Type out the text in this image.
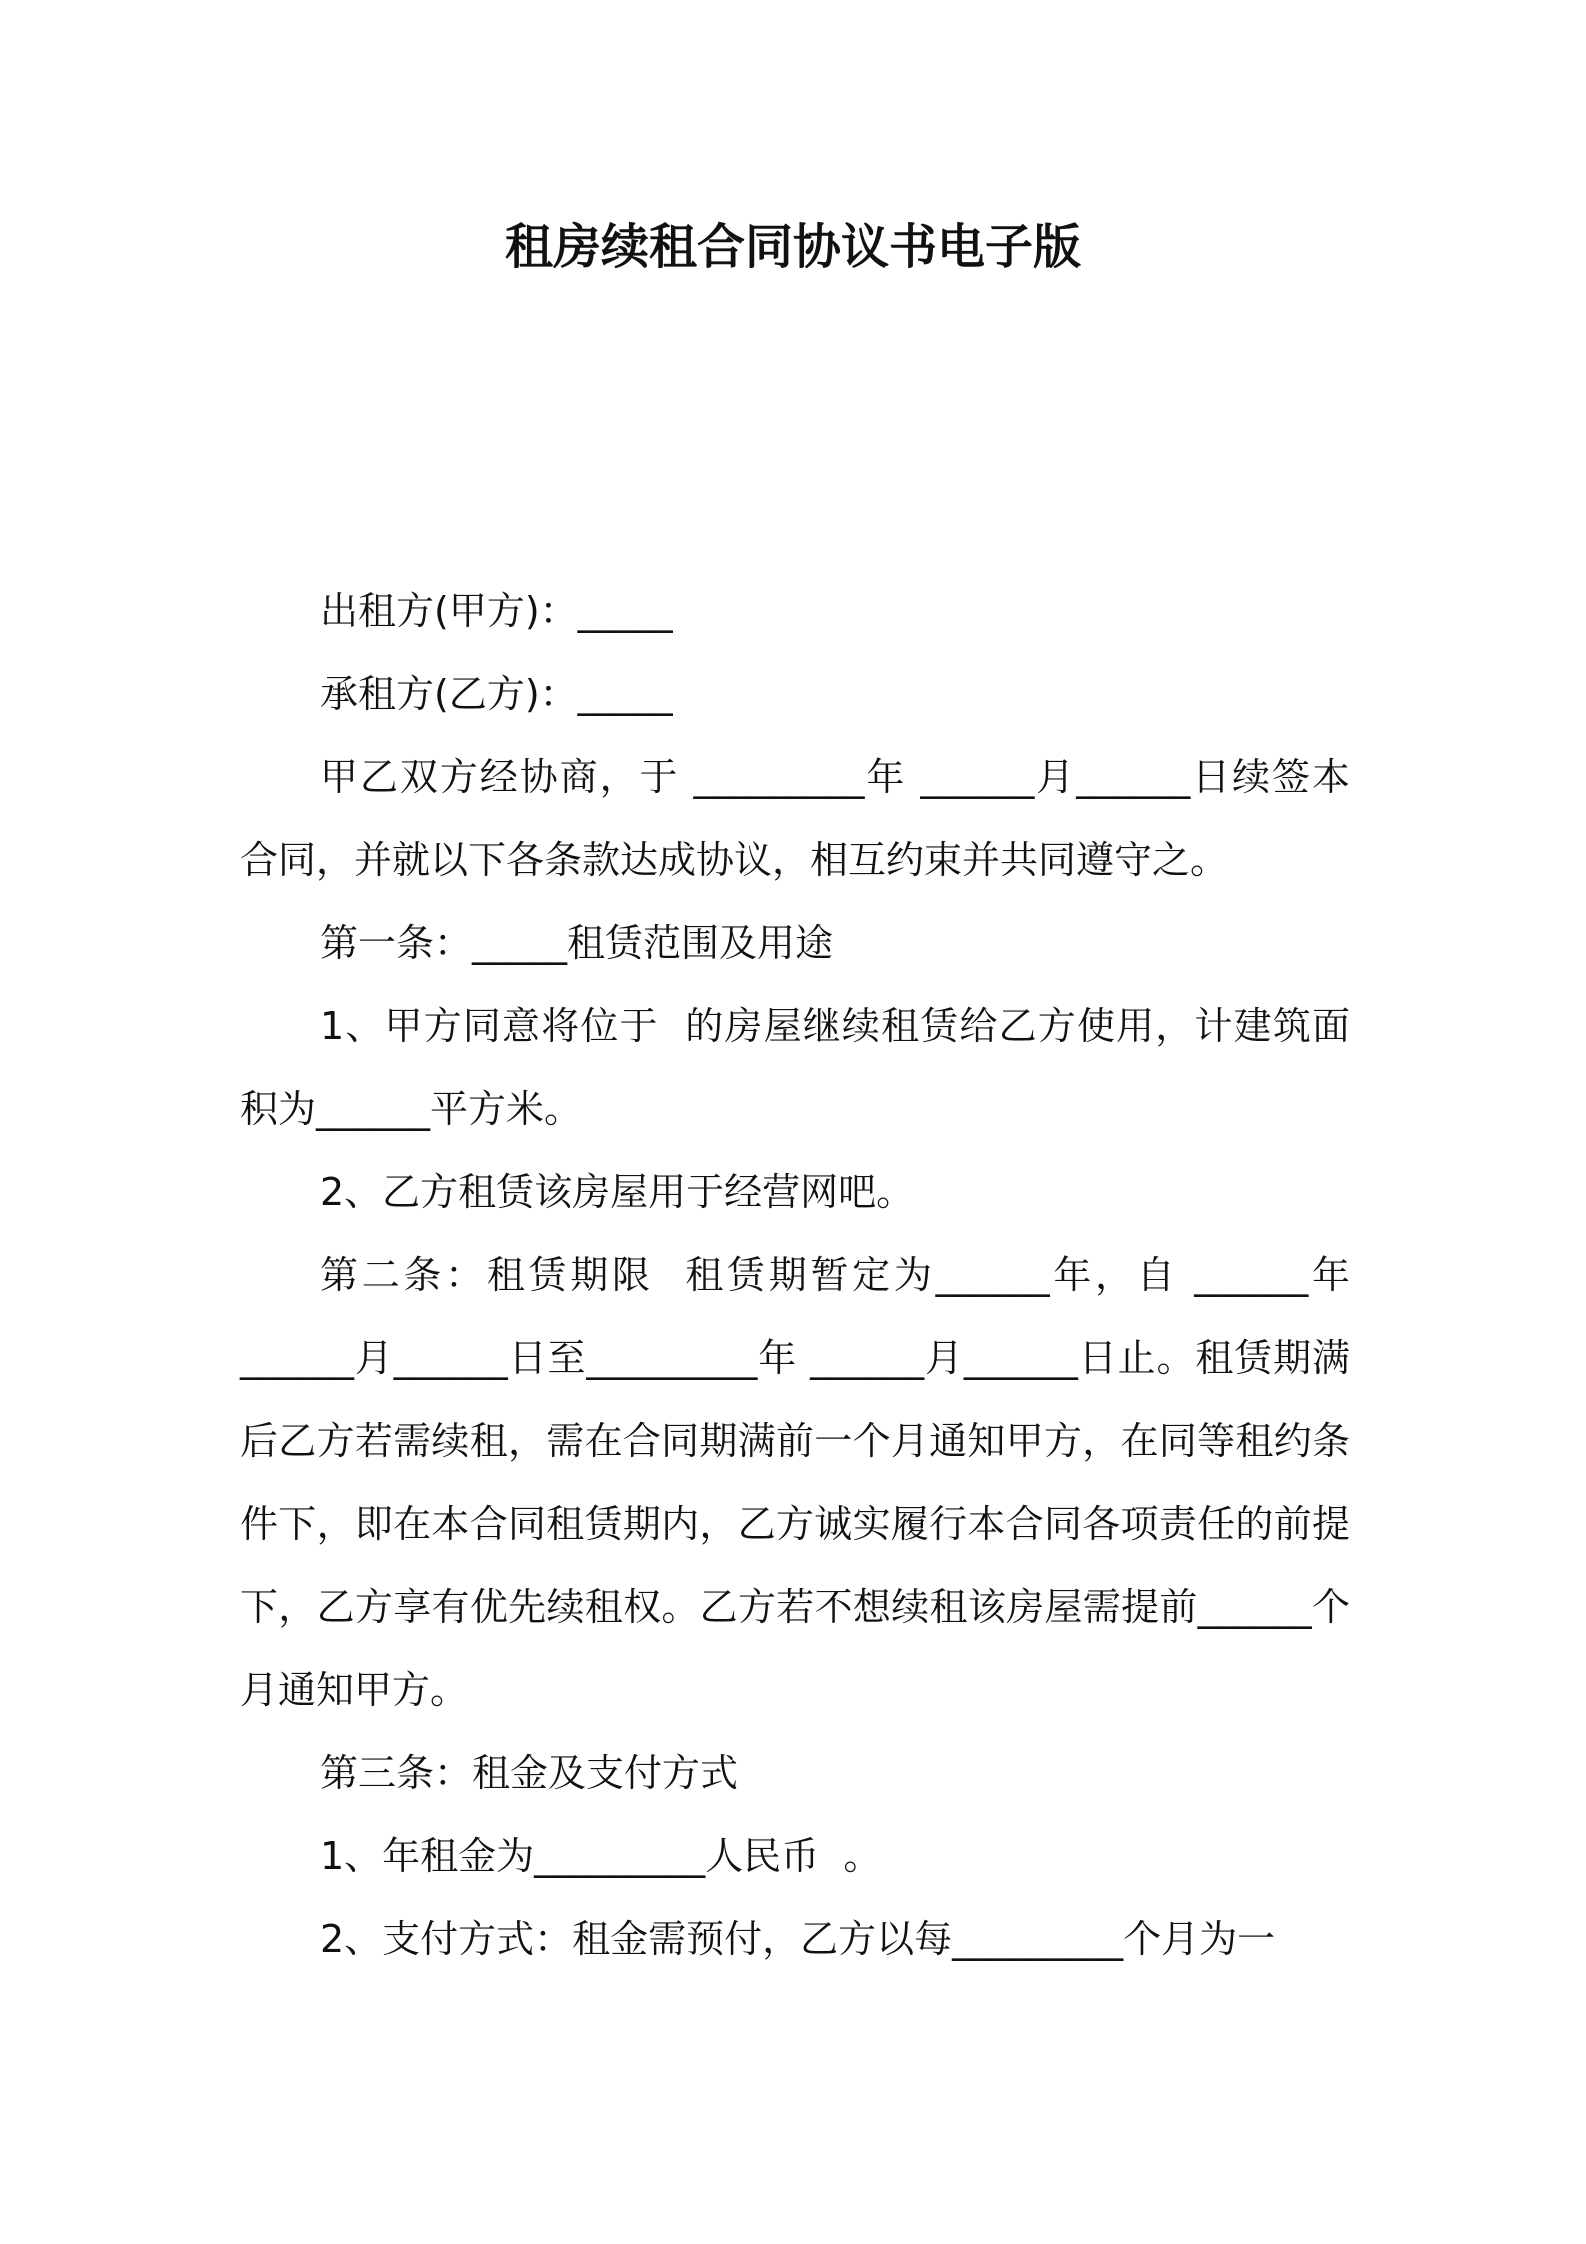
租房续租合同协议书电子版

出租方(甲方)：_____

承租方(乙方)：_____

甲乙双方经协商，于 _________年 ______月______日续签本合同，并就以下各条款达成协议，相互约束并共同遵守之。

第一条：_____租赁范围及用途

1、甲方同意将位于  的房屋继续租赁给乙方使用，计建筑面积为______平方米。

2、乙方租赁该房屋用于经营网吧。

第二条：租赁期限  租赁期暂定为______年，自 ______年______月______日至_________年 ______月______日止。租赁期满后乙方若需续租，需在合同期满前一个月通知甲方，在同等租约条件下，即在本合同租赁期内，乙方诚实履行本合同各项责任的前提下，乙方享有优先续租权。乙方若不想续租该房屋需提前______个月通知甲方。

第三条：租金及支付方式

1、年租金为_________人民币  。

2、支付方式：租金需预付，乙方以每_________个月为一
